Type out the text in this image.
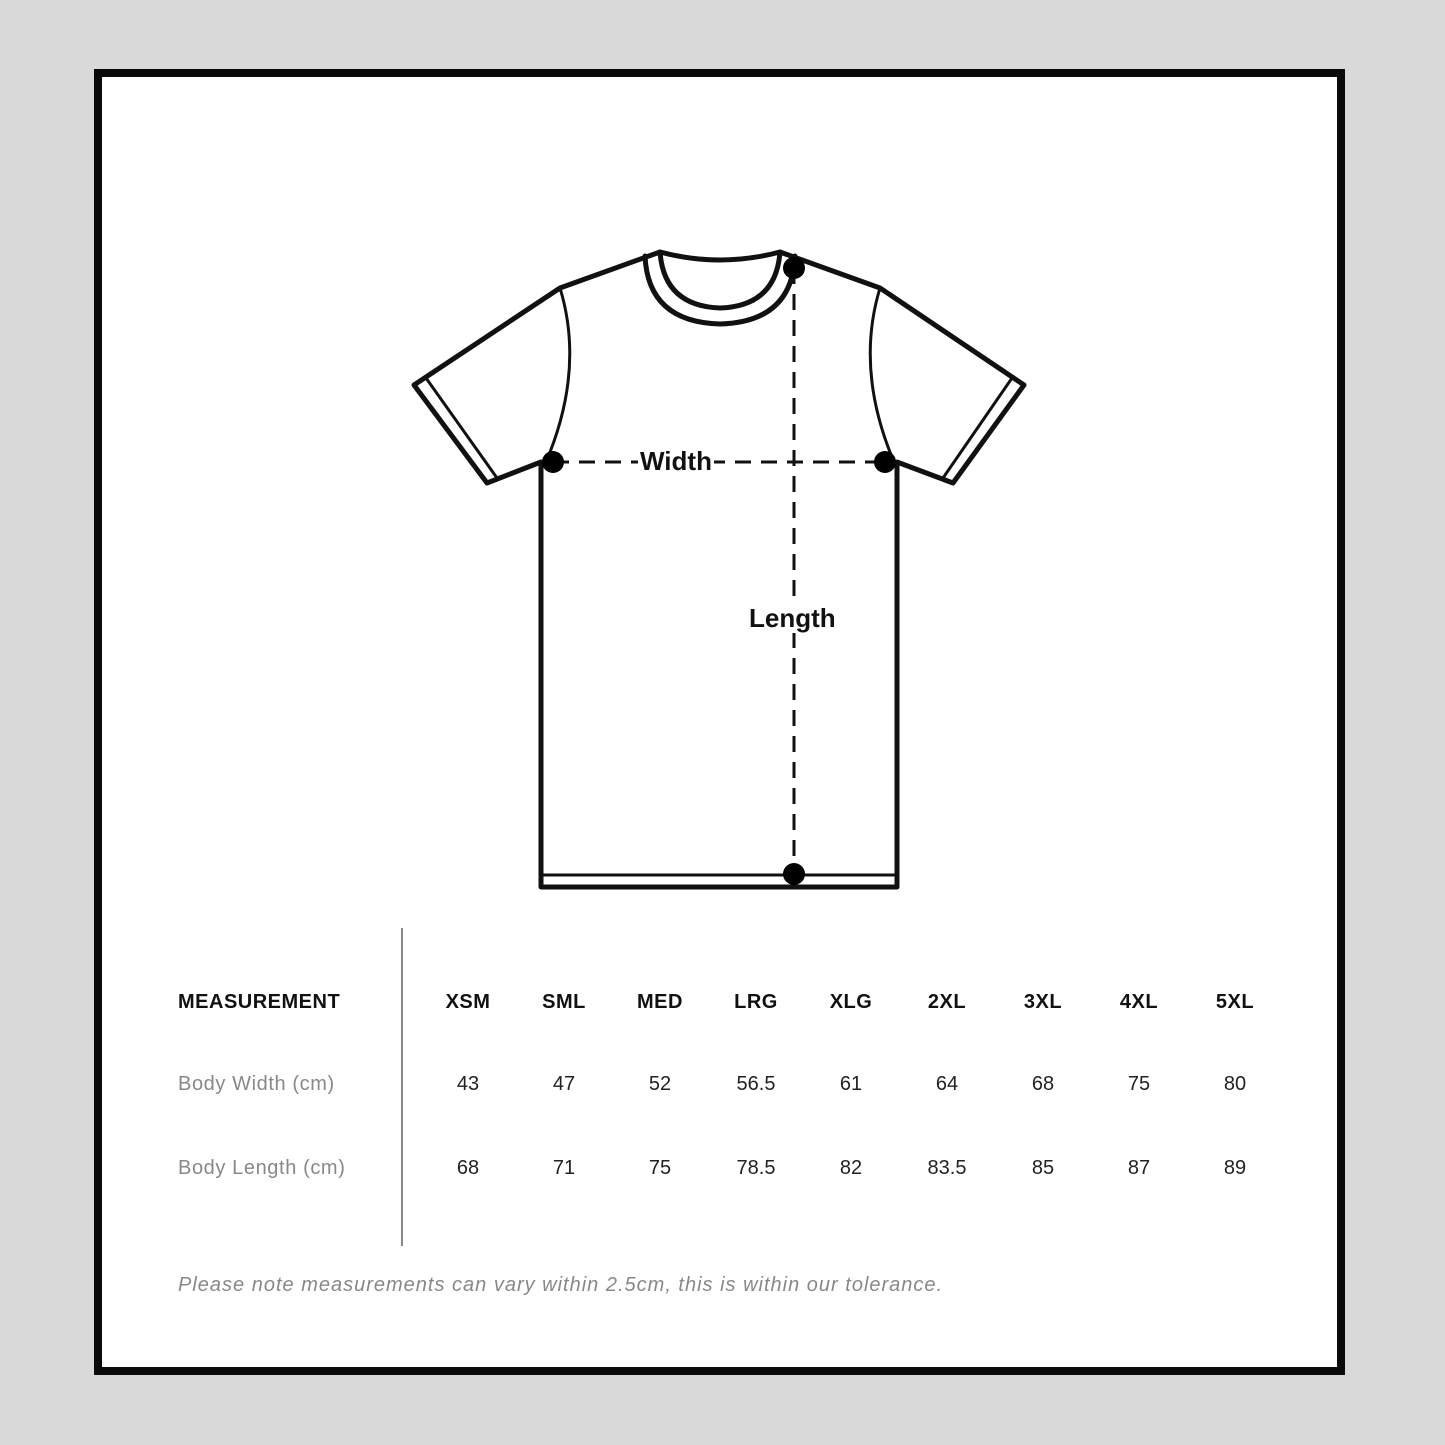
Width
Length
MEASUREMENT	XSM	SML	MED	LRG	XLG	2XL	3XL	4XL	5XL
Body Width (cm)	43	47	52	56.5	61	64	68	75	80
Body Length (cm)	68	71	75	78.5	82	83.5	85	87	89
Please note measurements can vary within 2.5cm, this is within our tolerance.
